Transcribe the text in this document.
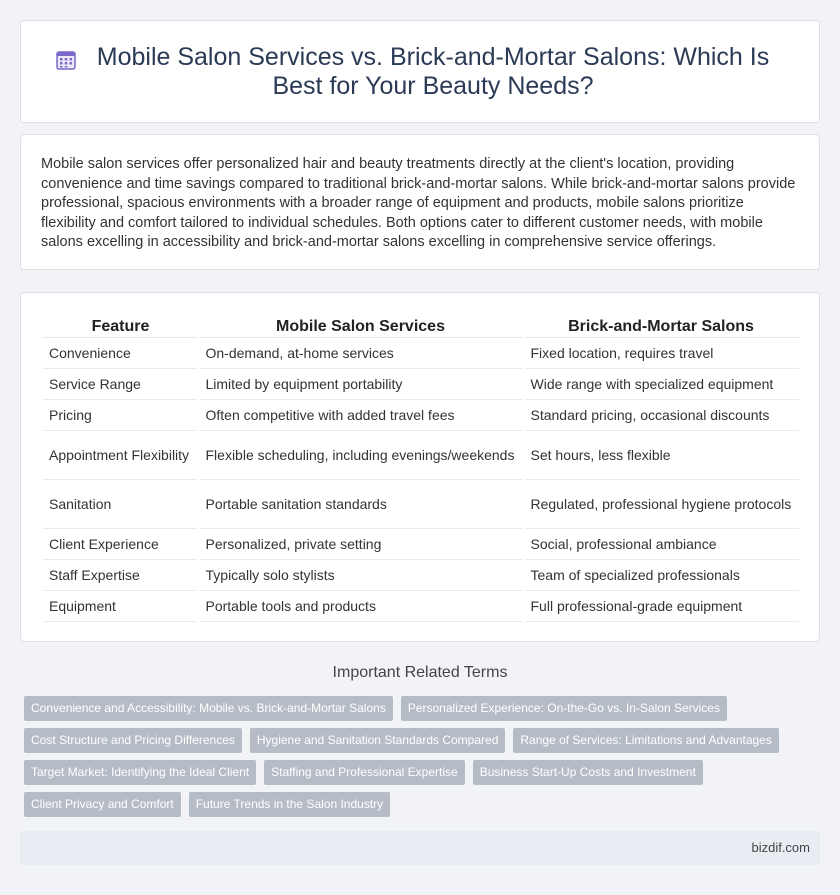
Mobile Salon Services vs. Brick-and-Mortar Salons: Which Is Best for Your Beauty Needs?

Mobile salon services offer personalized hair and beauty treatments directly at the client's location, providing convenience and time savings compared to traditional brick-and-mortar salons. While brick-and-mortar salons provide professional, spacious environments with a broader range of equipment and products, mobile salons prioritize flexibility and comfort tailored to individual schedules. Both options cater to different customer needs, with mobile salons excelling in accessibility and brick-and-mortar salons excelling in comprehensive service offerings.

Feature	Mobile Salon Services	Brick-and-Mortar Salons
Convenience	On-demand, at-home services	Fixed location, requires travel
Service Range	Limited by equipment portability	Wide range with specialized equipment
Pricing	Often competitive with added travel fees	Standard pricing, occasional discounts
Appointment Flexibility	Flexible scheduling, including evenings/weekends	Set hours, less flexible
Sanitation	Portable sanitation standards	Regulated, professional hygiene protocols
Client Experience	Personalized, private setting	Social, professional ambiance
Staff Expertise	Typically solo stylists	Team of specialized professionals
Equipment	Portable tools and products	Full professional-grade equipment
Important Related Terms
Convenience and Accessibility: Mobile vs. Brick-and-Mortar Salons	Personalized Experience: On-the-Go vs. In-Salon Services
Cost Structure and Pricing Differences	Hygiene and Sanitation Standards Compared	Range of Services: Limitations and Advantages
Target Market: Identifying the Ideal Client	Staffing and Professional Expertise	Business Start-Up Costs and Investment
Client Privacy and Comfort	Future Trends in the Salon Industry
bizdif.com
